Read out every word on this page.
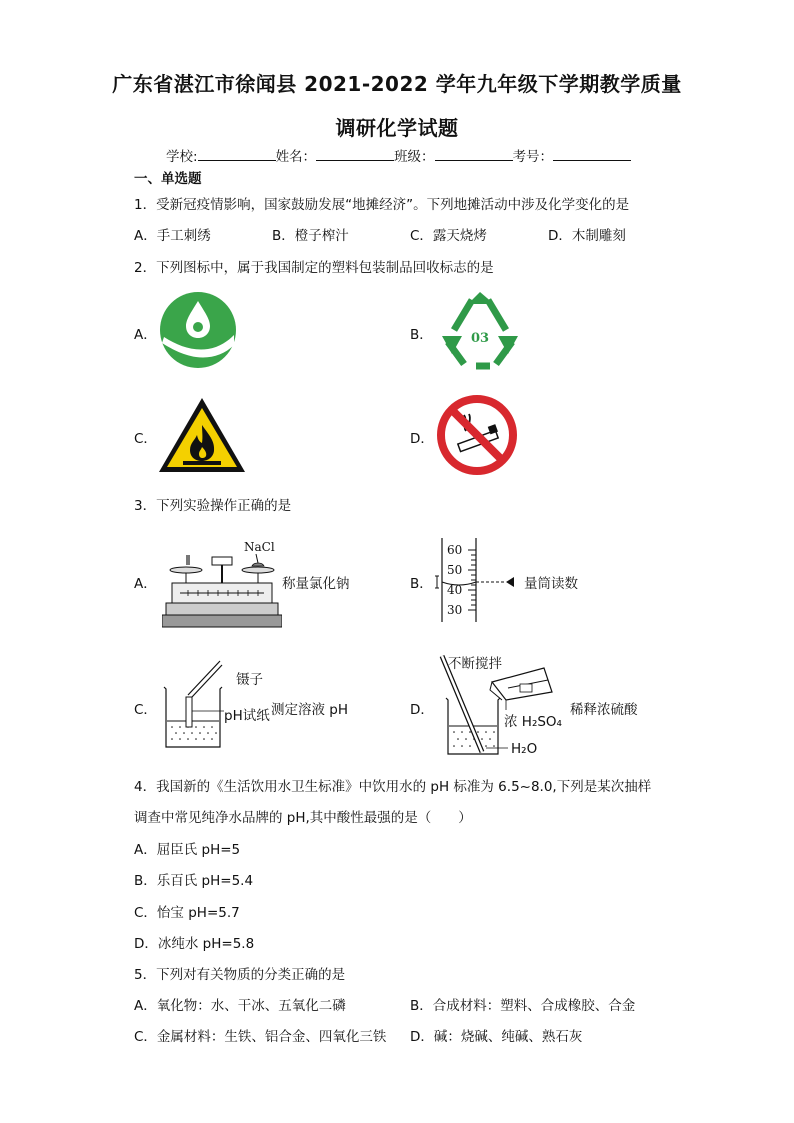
广东省湛江市徐闻县 2021-2022 学年九年级下学期教学质量
调研化学试题
学校:	姓名：	班级：	考号：
一、单选题
1．受新冠疫情影响，国家鼓励发展“地摊经济”。下列地摊活动中涉及化学变化的是
A．手工刺绣	B．橙子榨汁	C．露天烧烤	D．木制雕刻
2．下列图标中，属于我国制定的塑料包装制品回收标志的是
A．	B．	03
C．	D．
3．下列实验操作正确的是
A．
NaCl
称量氯化钠	B．
60
50
40
30
量筒读数
C．
镊子
pH试纸 测定溶液 pH	D．
不断搅拌
浓 H₂SO₄
H₂O
稀释浓硫酸
4．我国新的《生活饮用水卫生标准》中饮用水的 pH 标准为 6.5~8.0,下列是某次抽样
调查中常见纯净水品牌的 pH,其中酸性最强的是（　　）
A．屈臣氏 pH=5
B．乐百氏 pH=5.4
C．怡宝 pH=5.7
D．冰纯水 pH=5.8
5．下列对有关物质的分类正确的是
A．氧化物：水、干冰、五氧化二磷	B．合成材料：塑料、合成橡胶、合金
C．金属材料：生铁、铝合金、四氧化三铁 D．碱：烧碱、纯碱、熟石灰
